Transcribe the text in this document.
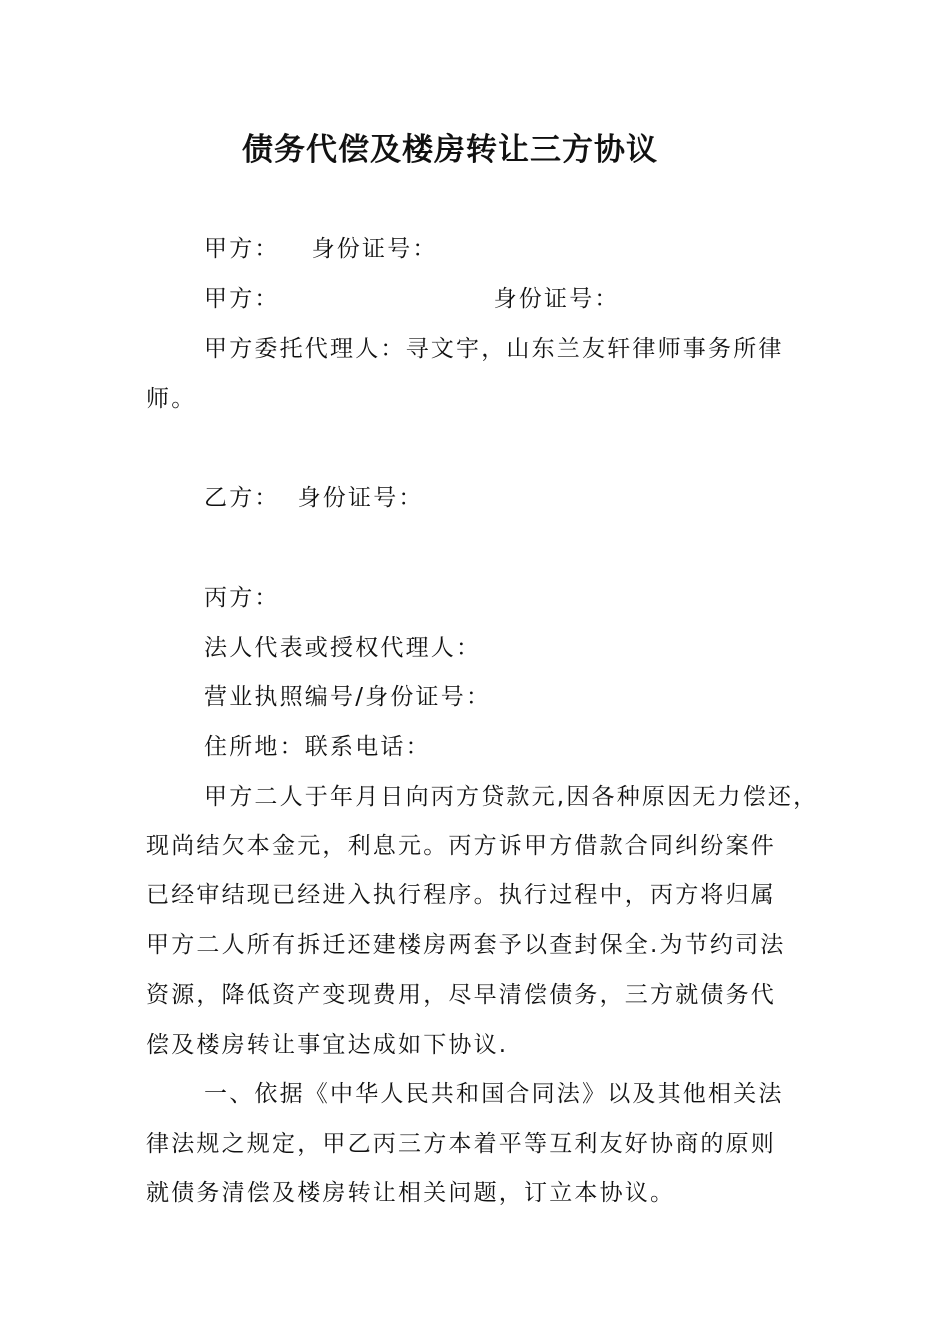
债务代偿及楼房转让三方协议
甲方： 身份证号：
甲方：	身份证号：
甲方委托代理人：寻文宇，山东兰友轩律师事务所律
师。
乙方： 身份证号：
丙方：
法人代表或授权代理人：
营业执照编号/身份证号：
住所地：联系电话：
甲方二人于年月日向丙方贷款元,因各种原因无力偿还，
现尚结欠本金元，利息元。丙方诉甲方借款合同纠纷案件
已经审结现已经进入执行程序。执行过程中，丙方将归属
甲方二人所有拆迁还建楼房两套予以查封保全.为节约司法
资源，降低资产变现费用，尽早清偿债务，三方就债务代
偿及楼房转让事宜达成如下协议.
一、依据《中华人民共和国合同法》以及其他相关法
律法规之规定，甲乙丙三方本着平等互利友好协商的原则
就债务清偿及楼房转让相关问题，订立本协议。
